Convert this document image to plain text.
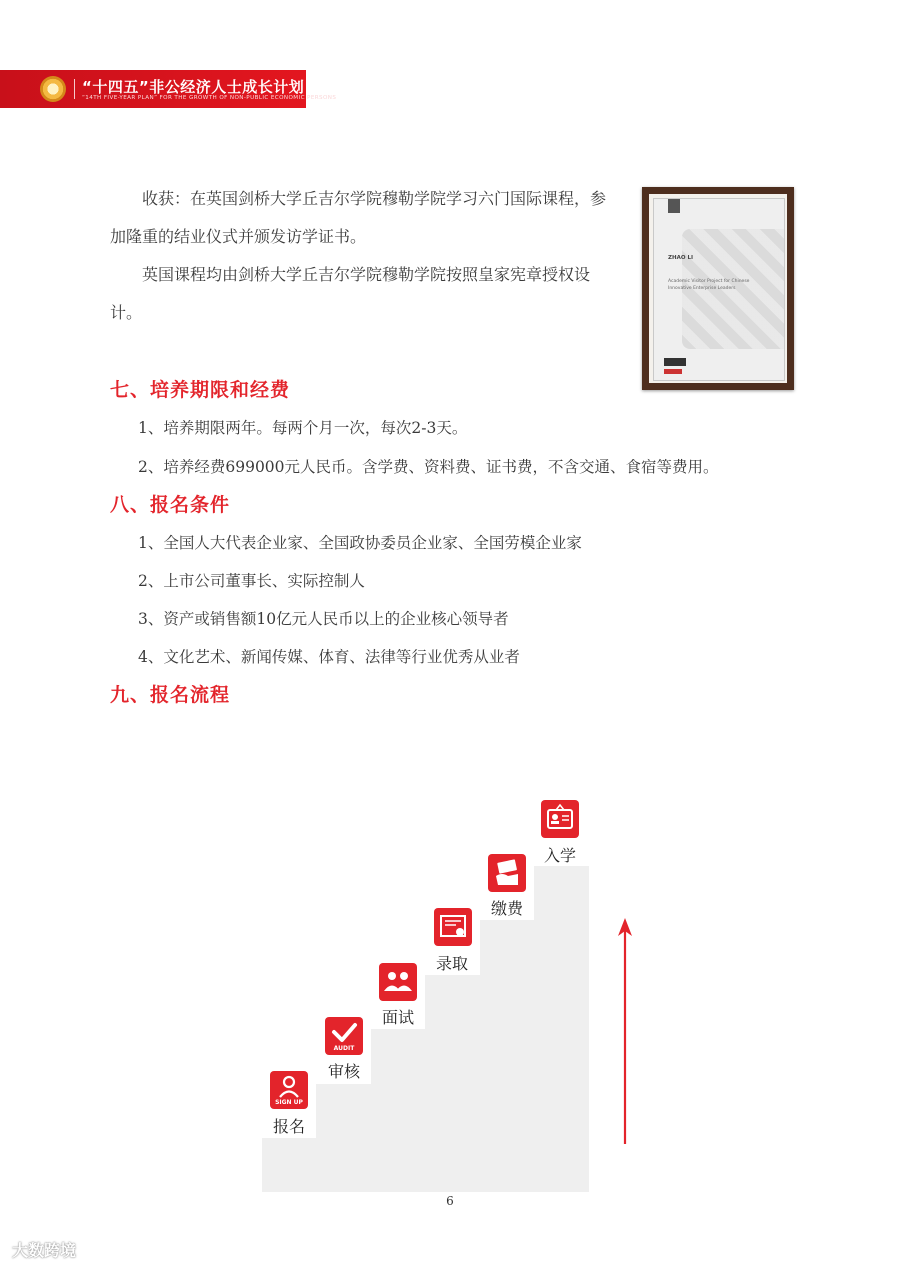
“十四五”非公经济人士成长计划
“14TH FIVE-YEAR PLAN” FOR THE GROWTH OF NON-PUBLIC ECONOMIC PERSONS

收获：在英国剑桥大学丘吉尔学院穆勒学院学习六门国际课程，参加隆重的结业仪式并颁发访学证书。

英国课程均由剑桥大学丘吉尔学院穆勒学院按照皇家宪章授权设计。

ZHAO LI
Academic Visitor Project for Chinese
Innovative Enterprise Leaders
七、培养期限和经费

1、培养期限两年。每两个月一次，每次2-3天。

2、培养经费699000元人民币。含学费、资料费、证书费，不含交通、食宿等费用。

八、报名条件

1、全国人大代表企业家、全国政协委员企业家、全国劳模企业家

2、上市公司董事长、实际控制人

3、资产或销售额10亿元人民币以上的企业核心领导者

4、文化艺术、新闻传媒、体育、法律等行业优秀从业者

九、报名流程
SIGN UP
报名
AUDIT
审核
面试
录取
缴费
入学
6
大数跨境
